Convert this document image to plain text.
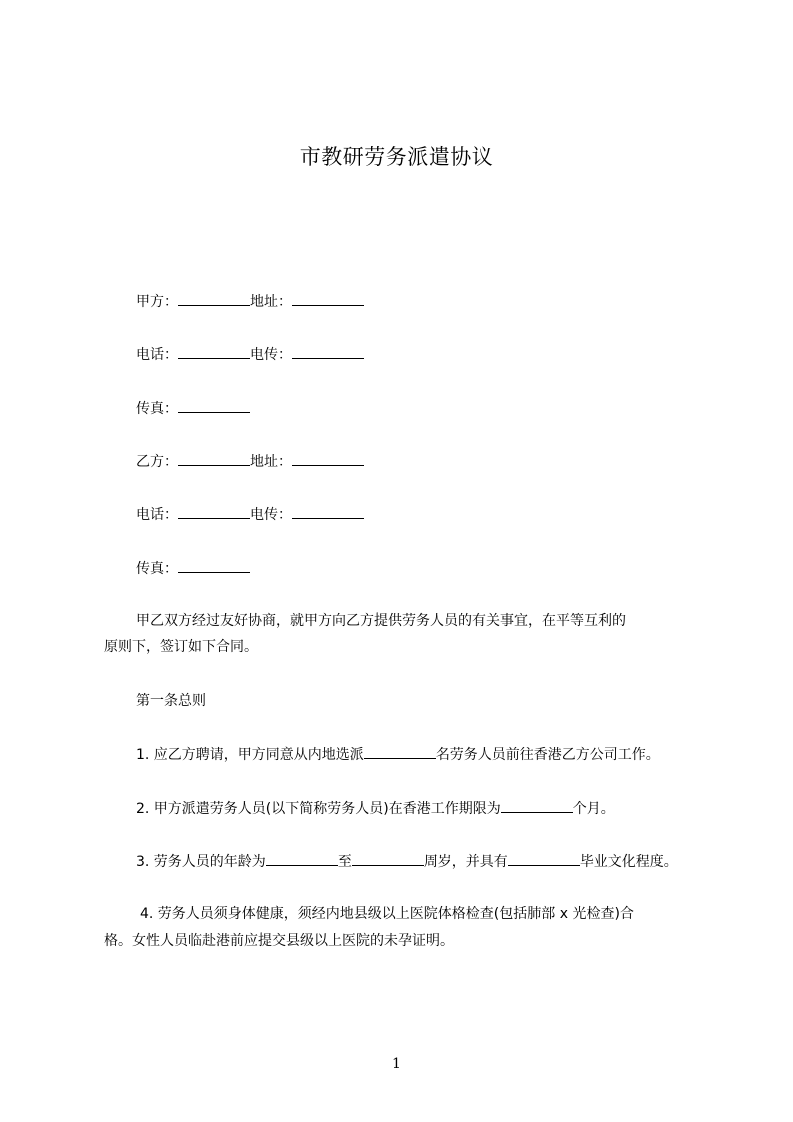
市教研劳务派遣协议
甲方：	地址：
电话：	电传：
传真：
乙方：	地址：
电话：	电传：
传真：
甲乙双方经过友好协商，就甲方向乙方提供劳务人员的有关事宜，在平等互利的
原则下，签订如下合同。
第一条总则
1. 应乙方聘请，甲方同意从内地选派	名劳务人员前往香港乙方公司工作。
2. 甲方派遣劳务人员(以下简称劳务人员)在香港工作期限为	个月。
3. 劳务人员的年龄为	至	周岁，并具有	毕业文化程度。
4. 劳务人员须身体健康，须经内地县级以上医院体格检查(包括肺部 x 光检查)合
格。女性人员临赴港前应提交县级以上医院的未孕证明。
1
